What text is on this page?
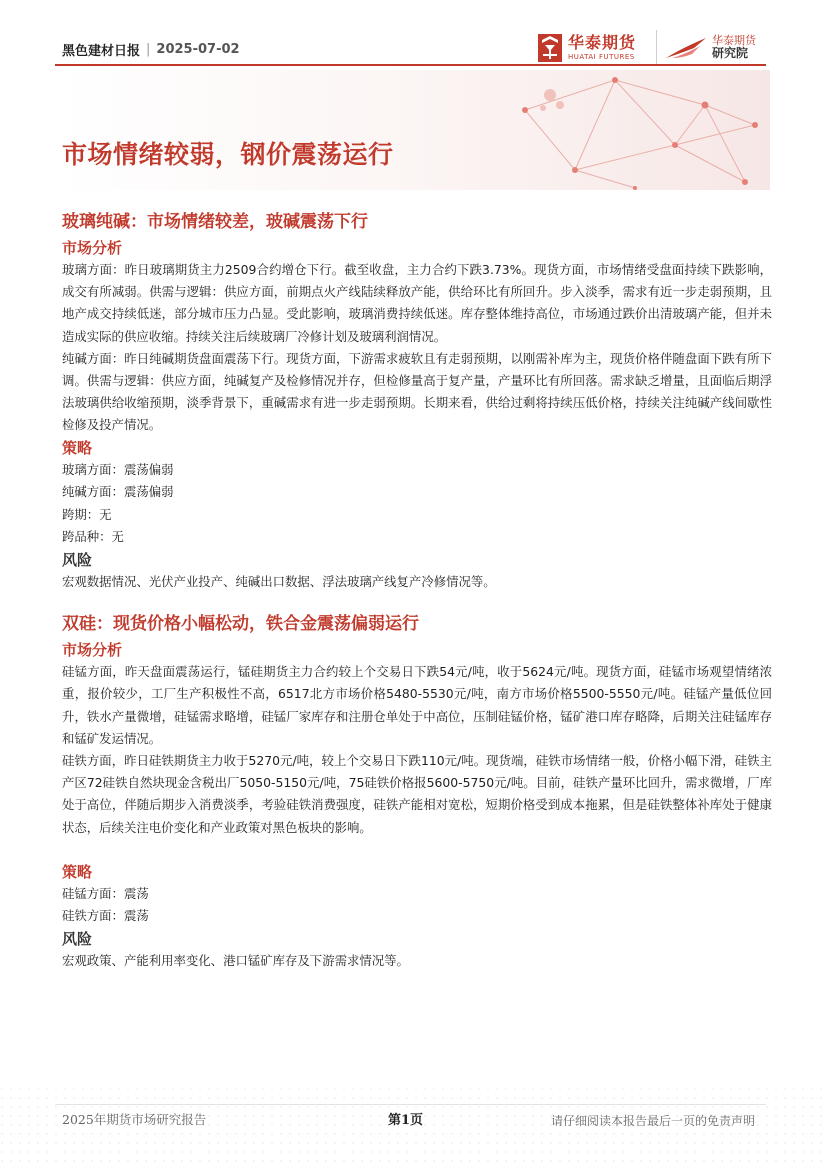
黑色建材日报 | 2025-07-02	华泰期货
HUATAI FUTURES
华泰期货
研究院
市场情绪较弱，钢价震荡运行
玻璃纯碱：市场情绪较差，玻碱震荡下行
市场分析

玻璃方面：昨日玻璃期货主力2509合约增仓下行。截至收盘，主力合约下跌3.73%。现货方面，市场情绪受盘面持续下跌影响，成交有所减弱。供需与逻辑：供应方面，前期点火产线陆续释放产能，供给环比有所回升。步入淡季，需求有近一步走弱预期，且地产成交持续低迷，部分城市压力凸显。受此影响，玻璃消费持续低迷。库存整体维持高位，市场通过跌价出清玻璃产能，但并未造成实际的供应收缩。持续关注后续玻璃厂冷修计划及玻璃利润情况。

纯碱方面：昨日纯碱期货盘面震荡下行。现货方面，下游需求疲软且有走弱预期，以刚需补库为主，现货价格伴随盘面下跌有所下调。供需与逻辑：供应方面，纯碱复产及检修情况并存，但检修量高于复产量，产量环比有所回落。需求缺乏增量，且面临后期浮法玻璃供给收缩预期，淡季背景下，重碱需求有进一步走弱预期。长期来看，供给过剩将持续压低价格，持续关注纯碱产线间歇性检修及投产情况。

策略
玻璃方面：震荡偏弱
纯碱方面：震荡偏弱
跨期：无
跨品种：无
风险
宏观数据情况、光伏产业投产、纯碱出口数据、浮法玻璃产线复产冷修情况等。
双硅：现货价格小幅松动，铁合金震荡偏弱运行
市场分析

硅锰方面，昨天盘面震荡运行，锰硅期货主力合约较上个交易日下跌54元/吨，收于5624元/吨。现货方面，硅锰市场观望情绪浓重，报价较少，工厂生产积极性不高，6517北方市场价格5480-5530元/吨，南方市场价格5500-5550元/吨。硅锰产量低位回升，铁水产量微增，硅锰需求略增，硅锰厂家库存和注册仓单处于中高位，压制硅锰价格，锰矿港口库存略降，后期关注硅锰库存和锰矿发运情况。

硅铁方面，昨日硅铁期货主力收于5270元/吨，较上个交易日下跌110元/吨。现货端，硅铁市场情绪一般，价格小幅下滑，硅铁主产区72硅铁自然块现金含税出厂5050-5150元/吨，75硅铁价格报5600-5750元/吨。目前，硅铁产量环比回升，需求微增，厂库处于高位，伴随后期步入消费淡季，考验硅铁消费强度，硅铁产能相对宽松，短期价格受到成本拖累，但是硅铁整体补库处于健康状态，后续关注电价变化和产业政策对黑色板块的影响。

策略
硅锰方面：震荡
硅铁方面：震荡
风险
宏观政策、产能利用率变化、港口锰矿库存及下游需求情况等。
2025年期货市场研究报告	第1页	请仔细阅读本报告最后一页的免责声明
